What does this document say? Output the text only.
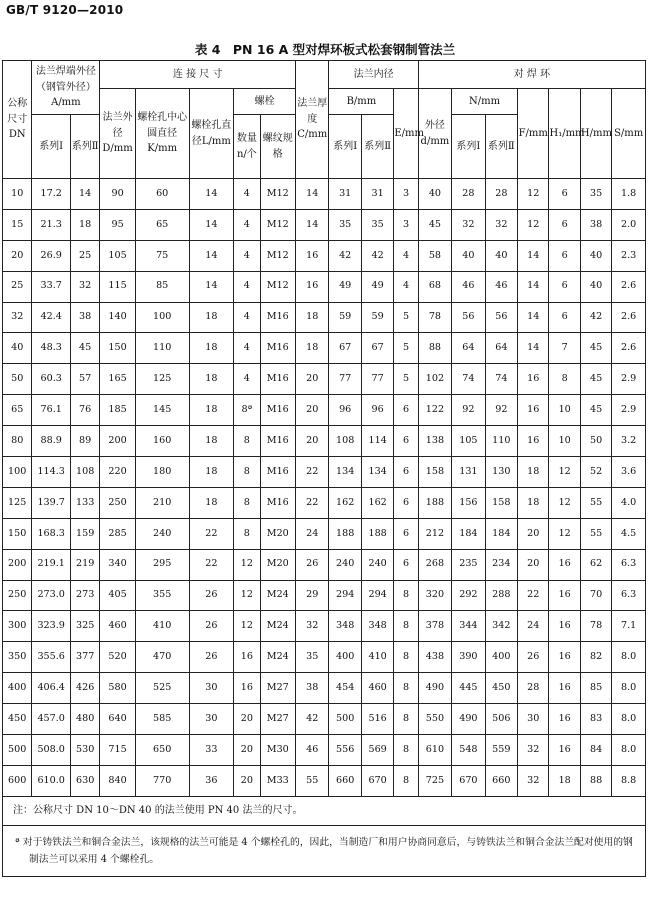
GB/T 9120—2010
表 4　PN 16 A 型对焊环板式松套钢制管法兰
公称尺寸DN	法兰焊端外径（钢管外径）A/mm		连 接 尺 寸					法兰厚度C/mm	法兰内径			对 焊 环						
			法兰外径D/mm	螺栓孔中心圆直径K/mm	螺栓孔直径L/mm	螺栓			B/mm		E/mm	外径d/mm	N/mm		F/mm	H₁/mm	H/mm	S/mm
	系列Ⅰ	系列Ⅱ				数量n/个	螺纹规格		系列Ⅰ	系列Ⅱ			系列Ⅰ	系列Ⅱ				
10	17.2	14	90	60	14	4	M12	14	31	31	3	40	28	28	12	6	35	1.8
15	21.3	18	95	65	14	4	M12	14	35	35	3	45	32	32	12	6	38	2.0
20	26.9	25	105	75	14	4	M12	16	42	42	4	58	40	40	14	6	40	2.3
25	33.7	32	115	85	14	4	M12	16	49	49	4	68	46	46	14	6	40	2.6
32	42.4	38	140	100	18	4	M16	18	59	59	5	78	56	56	14	6	42	2.6
40	48.3	45	150	110	18	4	M16	18	67	67	5	88	64	64	14	7	45	2.6
50	60.3	57	165	125	18	4	M16	20	77	77	5	102	74	74	16	8	45	2.9
65	76.1	76	185	145	18	8ª	M16	20	96	96	6	122	92	92	16	10	45	2.9
80	88.9	89	200	160	18	8	M16	20	108	114	6	138	105	110	16	10	50	3.2
100	114.3	108	220	180	18	8	M16	22	134	134	6	158	131	130	18	12	52	3.6
125	139.7	133	250	210	18	8	M16	22	162	162	6	188	156	158	18	12	55	4.0
150	168.3	159	285	240	22	8	M20	24	188	188	6	212	184	184	20	12	55	4.5
200	219.1	219	340	295	22	12	M20	26	240	240	6	268	235	234	20	16	62	6.3
250	273.0	273	405	355	26	12	M24	29	294	294	8	320	292	288	22	16	70	6.3
300	323.9	325	460	410	26	12	M24	32	348	348	8	378	344	342	24	16	78	7.1
350	355.6	377	520	470	26	16	M24	35	400	410	8	438	390	400	26	16	82	8.0
400	406.4	426	580	525	30	16	M27	38	454	460	8	490	445	450	28	16	85	8.0
450	457.0	480	640	585	30	20	M27	42	500	516	8	550	490	506	30	16	83	8.0
500	508.0	530	715	650	33	20	M30	46	556	569	8	610	548	559	32	16	84	8.0
600	610.0	630	840	770	36	20	M33	55	660	670	8	725	670	660	32	18	88	8.8
注：公称尺寸 DN 10～DN 40 的法兰使用 PN 40 法兰的尺寸。																		
ª 对于铸铁法兰和铜合金法兰，该规格的法兰可能是 4 个螺栓孔的，因此，当制造厂和用户协商同意后，与铸铁法兰和铜合金法兰配对使用的钢制法兰可以采用 4 个螺栓孔。																		
